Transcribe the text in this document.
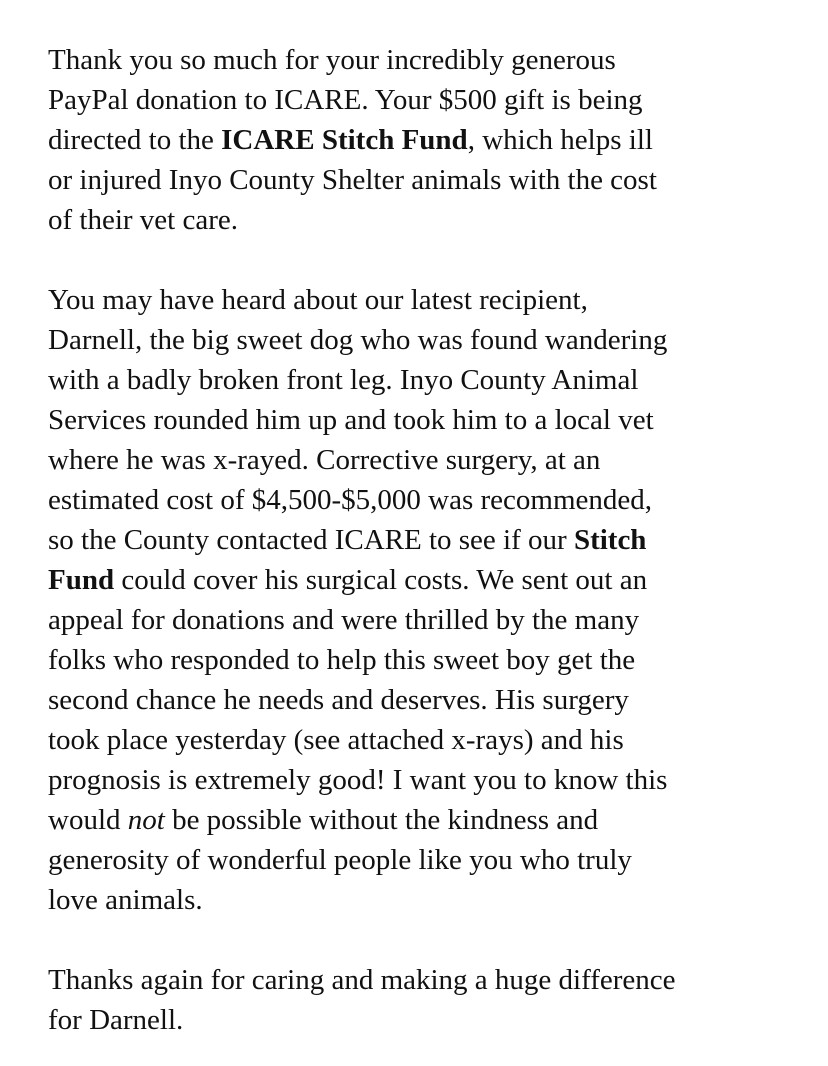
Thank you so much for your incredibly generous
PayPal donation to ICARE. Your $500 gift is being
directed to the ICARE Stitch Fund, which helps ill
or injured Inyo County Shelter animals with the cost
of their vet care.
You may have heard about our latest recipient,
Darnell, the big sweet dog who was found wandering
with a badly broken front leg. Inyo County Animal
Services rounded him up and took him to a local vet
where he was x-rayed. Corrective surgery, at an
estimated cost of $4,500-$5,000 was recommended,
so the County contacted ICARE to see if our Stitch
Fund could cover his surgical costs. We sent out an
appeal for donations and were thrilled by the many
folks who responded to help this sweet boy get the
second chance he needs and deserves. His surgery
took place yesterday (see attached x-rays) and his
prognosis is extremely good! I want you to know this
would not be possible without the kindness and
generosity of wonderful people like you who truly
love animals.
Thanks again for caring and making a huge difference
for Darnell.
